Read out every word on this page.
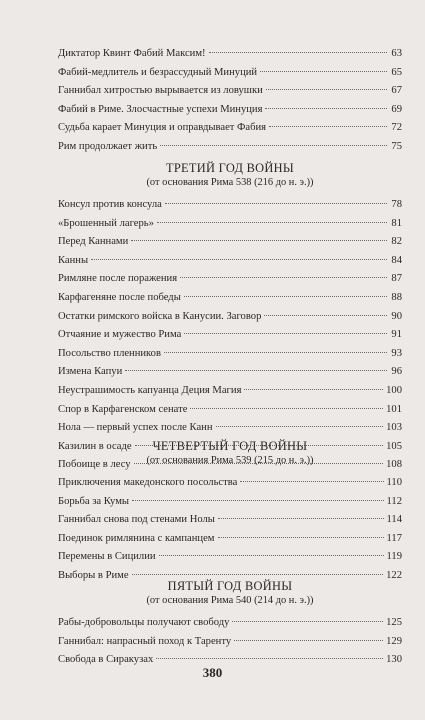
Диктатор Квинт Фабий Максим!	63
Фабий-медлитель и безрассудный Минуций	65
Ганнибал хитростью вырывается из ловушки	67
Фабий в Риме. Злосчастные успехи Минуция	69
Судьба карает Минуция и оправдывает Фабия	72
Рим продолжает жить	75
ТРЕТИЙ ГОД ВОЙНЫ
(от основания Рима 538 (216 до н. э.))
Консул против консула	78
«Брошенный лагерь»	81
Перед Каннами	82
Канны	84
Римляне после поражения	87
Карфагеняне после победы	88
Остатки римского войска в Канусии. Заговор	90
Отчаяние и мужество Рима	91
Посольство пленников	93
Измена Капуи	96
Неустрашимость капуанца Деция Магия	100
Спор в Карфагенском сенате	101
Нола — первый успех после Канн	103
Казилин в осаде	105
Побоище в лесу	108
ЧЕТВЕРТЫЙ ГОД ВОЙНЫ
(от основания Рима 539 (215 до н. э.))
Приключения македонского посольства	110
Борьба за Кумы	112
Ганнибал снова под стенами Нолы	114
Поединок римлянина с кампанцем	117
Перемены в Сицилии	119
Выборы в Риме	122
ПЯТЫЙ ГОД ВОЙНЫ
(от основания Рима 540 (214 до н. э.))
Рабы-добровольцы получают свободу	125
Ганнибал: напрасный поход к Таренту	129
Свобода в Сиракузах	130
380
